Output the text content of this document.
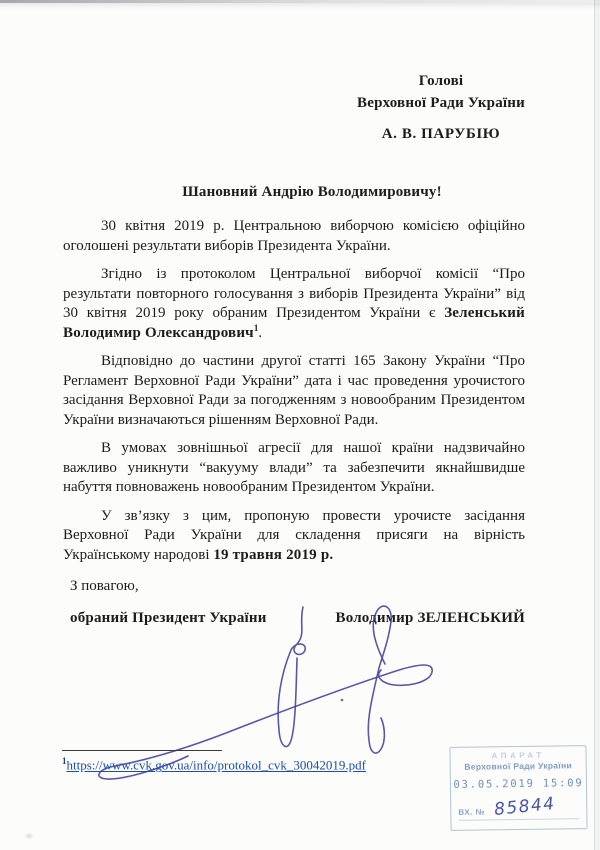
Голові
Верховної Ради України
А. В. ПАРУБІЮ
Шановний Андрію Володимировичу!

30 квітня 2019 р. Центральною виборчою комісією офіційно оголошені результати виборів Президента України.

Згідно із протоколом Центральної виборчої комісії “Про результати повторного голосування з виборів Президента України” від 30 квітня 2019 року обраним Президентом України є Зеленський Володимир Олександрович$^1$.

Відповідно до частини другої статті 165 Закону України “Про Регламент Верховної Ради України” дата і час проведення урочистого засідання Верховної Ради за погодженням з новообраним Президентом України визначаються рішенням Верховної Ради.

В умовах зовнішньої агресії для нашої країни надзвичайно важливо уникнути “вакууму влади” та забезпечити якнайшвидше набуття повноважень новообраним Президентом України.

У зв’язку з цим, пропоную провести урочисте засідання Верховної Ради України для складення присяги на вірність Українському народові 19 травня 2019 р.

З повагою,
обраний Президент України	Володимир ЗЕЛЕНСЬКИЙ
$^1$https://www.cvk.gov.ua/info/protokol_cvk_30042019.pdf
АПАРАТ
Верховної Ради України
03.05.2019 15:09
ВХ. № 85844
